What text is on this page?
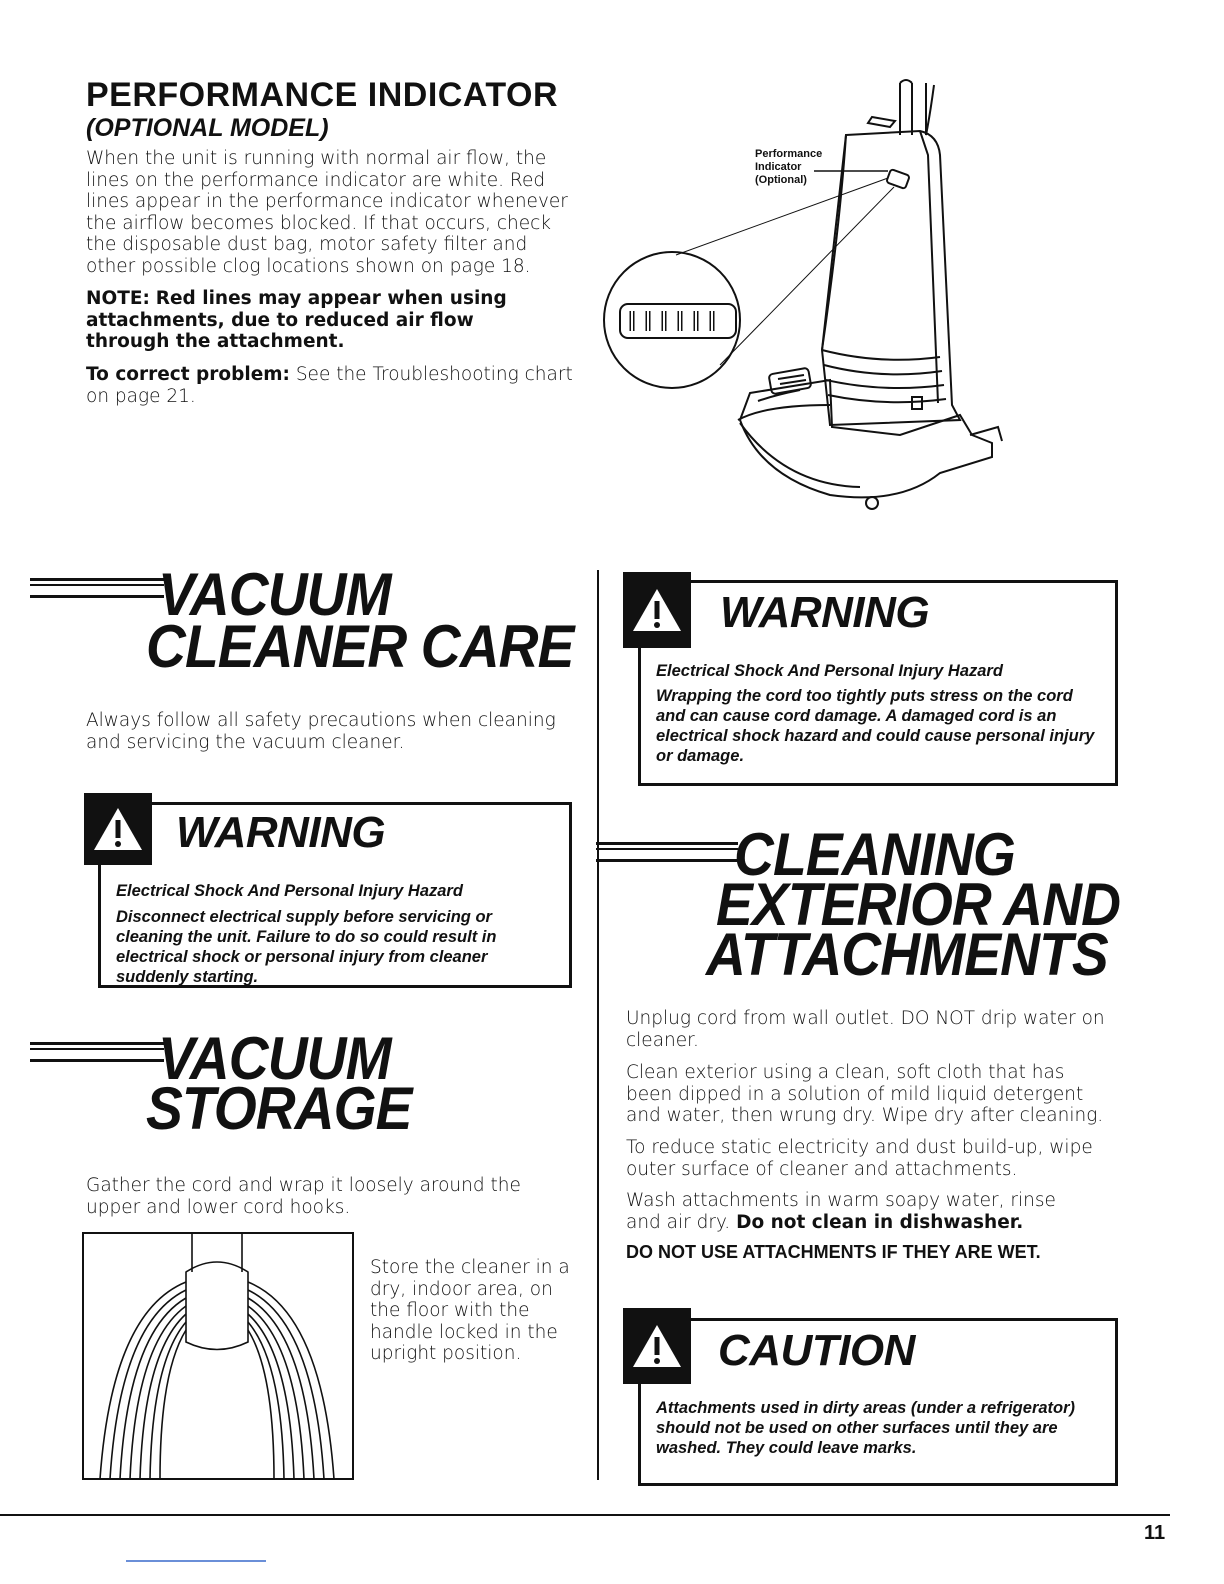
PERFORMANCE INDICATOR
(OPTIONAL MODEL)
When the unit is running with normal air flow, the lines on the performance indicator are white. Red lines appear in the performance indicator whenever the airflow becomes blocked. If that occurs, check the disposable dust bag, motor safety filter and other possible clog locations shown on page 18.
NOTE: Red lines may appear when using attachments, due to reduced air flow through the attachment.
To correct problem: See the Troubleshooting chart on page 21.
Performance
Indicator
(Optional)
VACUUM
CLEANER CARE
Always follow all safety precautions when cleaning and servicing the vacuum cleaner.
WARNING
Electrical Shock And Personal Injury Hazard
Disconnect electrical supply before servicing or cleaning the unit. Failure to do so could result in electrical shock or personal injury from cleaner suddenly starting.
VACUUM
STORAGE
Gather the cord and wrap it loosely around the upper and lower cord hooks.
Store the cleaner in a dry, indoor area, on the floor with the handle locked in the upright position.
WARNING
Electrical Shock And Personal Injury Hazard
Wrapping the cord too tightly puts stress on the cord and can cause cord damage. A damaged cord is an electrical shock hazard and could cause personal injury or damage.
CLEANING
EXTERIOR AND
ATTACHMENTS
Unplug cord from wall outlet. DO NOT drip water on cleaner.
Clean exterior using a clean, soft cloth that has been dipped in a solution of mild liquid detergent and water, then wrung dry. Wipe dry after cleaning.
To reduce static electricity and dust build-up, wipe outer surface of cleaner and attachments.
Wash attachments in warm soapy water, rinse and air dry. Do not clean in dishwasher.
DO NOT USE ATTACHMENTS IF THEY ARE WET.
CAUTION
Attachments used in dirty areas (under a refrigerator) should not be used on other surfaces until they are washed. They could leave marks.
11
